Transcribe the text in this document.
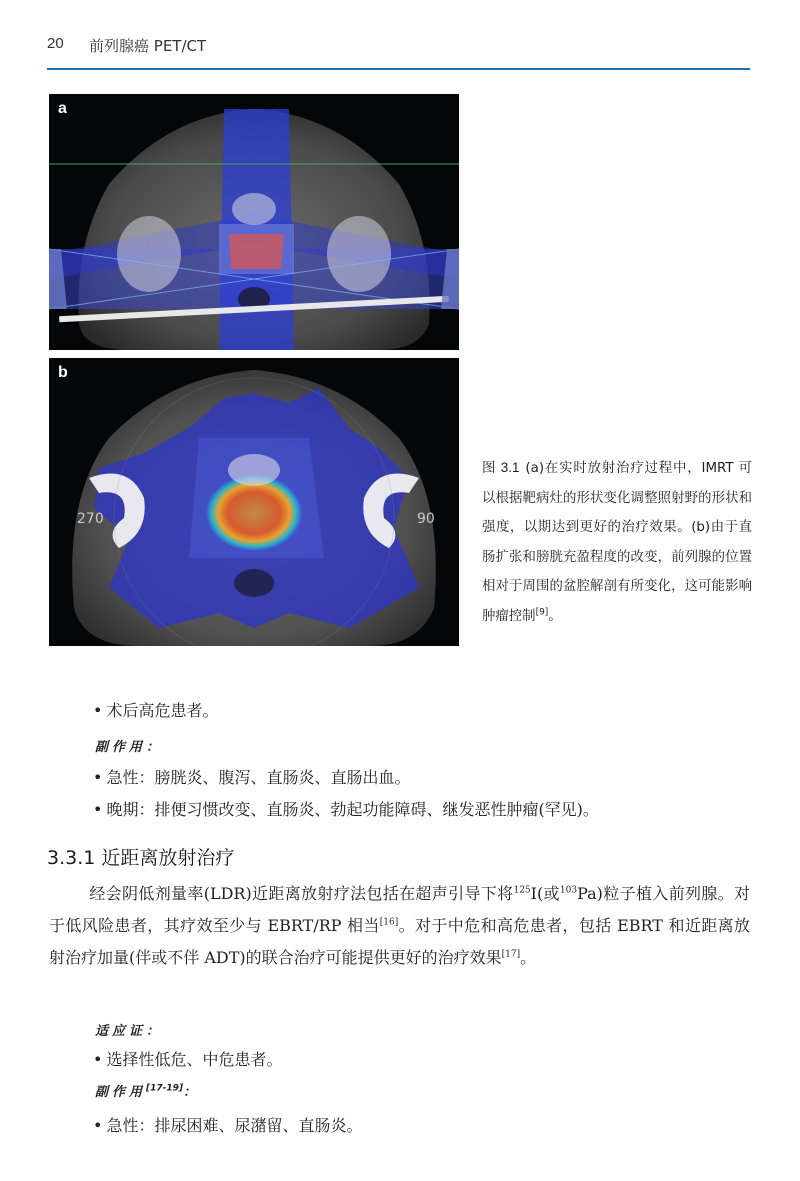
20 前列腺癌 PET/CT
a
270	90
b
图 3.1 (a)在实时放射治疗过程中，IMRT 可以根据靶病灶的形状变化调整照射野的形状和强度，以期达到更好的治疗效果。(b)由于直肠扩张和膀胱充盈程度的改变，前列腺的位置相对于周围的盆腔解剖有所变化，这可能影响肿瘤控制[9]。
• 术后高危患者。
副作用：
• 急性：膀胱炎、腹泻、直肠炎、直肠出血。
• 晚期：排便习惯改变、直肠炎、勃起功能障碍、继发恶性肿瘤(罕见)。
3.3.1 近距离放射治疗
经会阴低剂量率(LDR)近距离放射疗法包括在超声引导下将$^{125}$I(或$^{103}$Pa)粒子植入前列腺。对于低风险患者，其疗效至少与 EBRT/RP 相当[16]。对于中危和高危患者，包括 EBRT 和近距离放射治疗加量(伴或不伴 ADT)的联合治疗可能提供更好的治疗效果[17]。
适应证：
• 选择性低危、中危患者。
副作用[17-19]：
• 急性：排尿困难、尿潴留、直肠炎。
